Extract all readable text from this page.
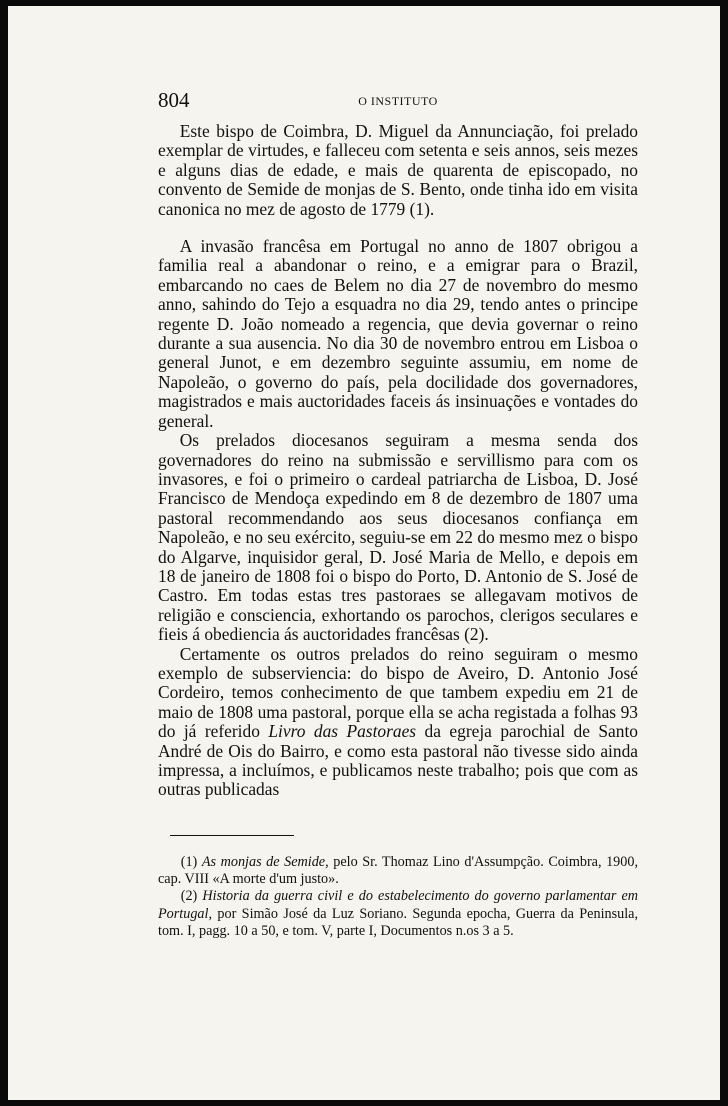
804	O INSTITUTO

Este bispo de Coimbra, D. Miguel da Annunciação, foi prelado exemplar de virtudes, e falleceu com setenta e seis annos, seis mezes e alguns dias de edade, e mais de quarenta de episcopado, no convento de Semide de monjas de S. Bento, onde tinha ido em visita canonica no mez de agosto de 1779 (1).

A invasão francêsa em Portugal no anno de 1807 obrigou a familia real a abandonar o reino, e a emigrar para o Brazil, embarcando no caes de Belem no dia 27 de novembro do mesmo anno, sahindo do Tejo a esquadra no dia 29, tendo antes o principe regente D. João nomeado a regencia, que devia governar o reino durante a sua ausencia. No dia 30 de novembro entrou em Lisboa o general Junot, e em dezembro seguinte assumiu, em nome de Napoleão, o governo do país, pela docilidade dos governadores, magistrados e mais auctoridades faceis ás insinuações e vontades do general.

Os prelados diocesanos seguiram a mesma senda dos governadores do reino na submissão e servillismo para com os invasores, e foi o primeiro o cardeal patriarcha de Lisboa, D. José Francisco de Mendoça expedindo em 8 de dezembro de 1807 uma pastoral recommendando aos seus diocesanos confiança em Napoleão, e no seu exército, seguiu-se em 22 do mesmo mez o bispo do Algarve, inquisidor geral, D. José Maria de Mello, e depois em 18 de janeiro de 1808 foi o bispo do Porto, D. Antonio de S. José de Castro. Em todas estas tres pastoraes se allegavam motivos de religião e consciencia, exhortando os parochos, clerigos seculares e fieis á obediencia ás auctoridades francêsas (2).

Certamente os outros prelados do reino seguiram o mesmo exemplo de subserviencia: do bispo de Aveiro, D. Antonio José Cordeiro, temos conhecimento de que tambem expediu em 21 de maio de 1808 uma pastoral, porque ella se acha registada a folhas 93 do já referido Livro das Pastoraes da egreja parochial de Santo André de Ois do Bairro, e como esta pastoral não tivesse sido ainda impressa, a incluímos, e publicamos neste trabalho; pois que com as outras publicadas

(1) As monjas de Semide, pelo Sr. Thomaz Lino d'Assumpção. Coimbra, 1900, cap. VIII «A morte d'um justo».

(2) Historia da guerra civil e do estabelecimento do governo parlamentar em Portugal, por Simão José da Luz Soriano. Segunda epocha, Guerra da Peninsula, tom. I, pagg. 10 a 50, e tom. V, parte I, Documentos n.os 3 a 5.
